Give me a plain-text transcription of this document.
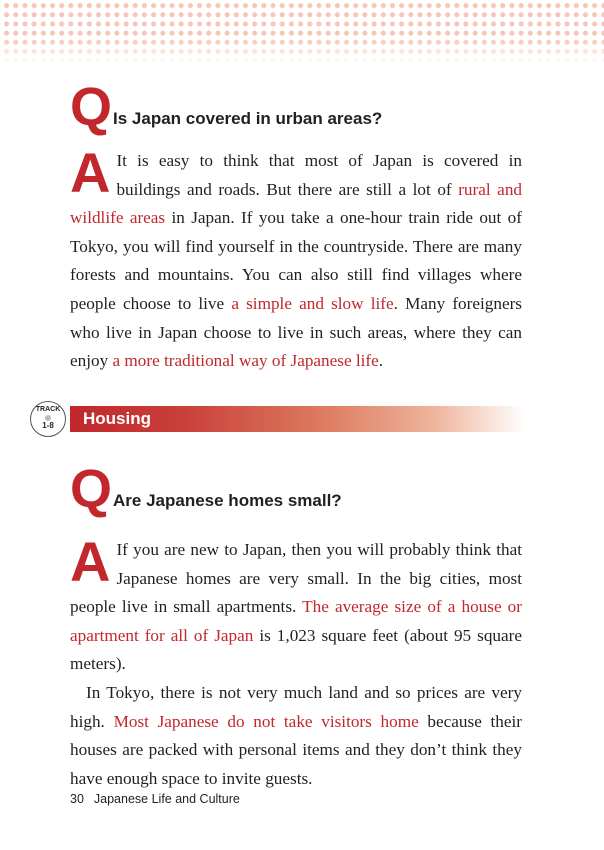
QIs Japan covered in urban areas?
A It is easy to think that most of Japan is covered in buildings and roads. But there are still a lot of rural and wildlife areas in Japan. If you take a one-hour train ride out of Tokyo, you will find yourself in the countryside. There are many forests and mountains. You can also still find villages where people choose to live a simple and slow life. Many foreigners who live in Japan choose to live in such areas, where they can enjoy a more traditional way of Japanese life.

Housing
TRACK
1-8
QAre Japanese homes small?
A If you are new to Japan, then you will probably think that Japanese homes are very small. In the big cities, most people live in small apartments. The average size of a house or apartment for all of Japan is 1,023 square feet (about 95 square meters).

In Tokyo, there is not very much land and so prices are very high. Most Japanese do not take visitors home because their houses are packed with personal items and they don’t think they have enough space to invite guests.

30 Japanese Life and Culture
